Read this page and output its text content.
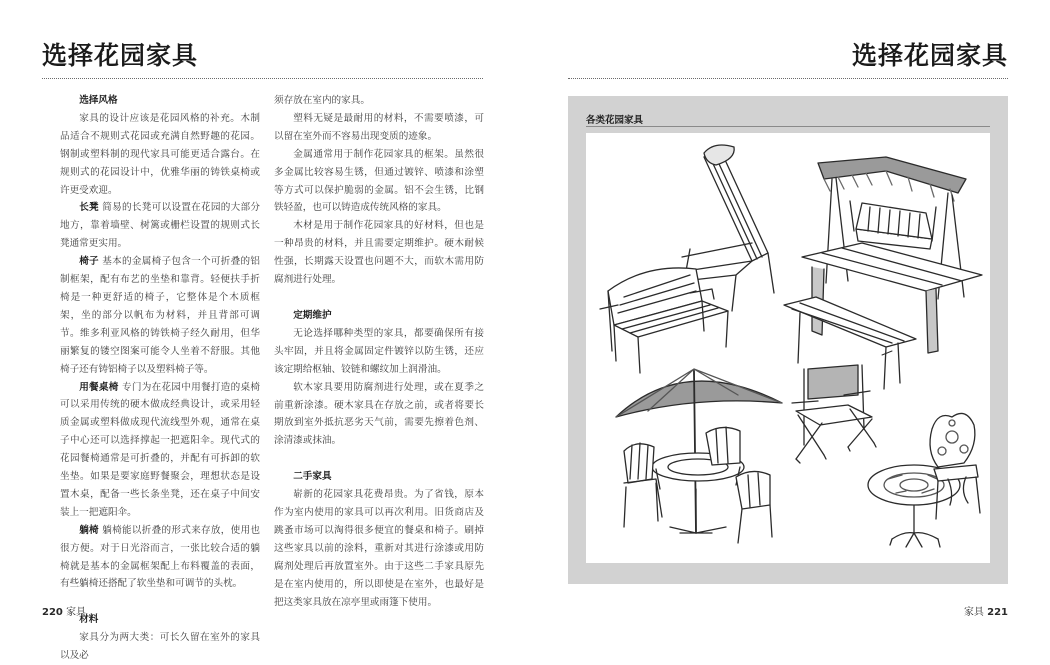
选择花园家具

选择风格

家具的设计应该是花园风格的补充。木制品适合不规则式花园或充满自然野趣的花园。钢制或塑料制的现代家具可能更适合露台。在规则式的花园设计中，优雅华丽的铸铁桌椅或许更受欢迎。

长凳 简易的长凳可以设置在花园的大部分地方，靠着墙壁、树篱或栅栏设置的规则式长凳通常更实用。

椅子 基本的金属椅子包含一个可折叠的铝制框架，配有布艺的坐垫和靠背。轻便扶手折椅是一种更舒适的椅子，它整体是个木质框架，坐的部分以帆布为材料，并且背部可调节。维多利亚风格的铸铁椅子经久耐用，但华丽繁复的镂空图案可能令人坐着不舒服。其他椅子还有铸铝椅子以及塑料椅子等。

用餐桌椅 专门为在花园中用餐打造的桌椅可以采用传统的硬木做成经典设计，或采用轻质金属或塑料做成现代流线型外观，通常在桌子中心还可以选择撑起一把遮阳伞。现代式的花园餐椅通常是可折叠的，并配有可拆卸的软坐垫。如果是要家庭野餐聚会，理想状态是设置木桌，配备一些长条坐凳，还在桌子中间安装上一把遮阳伞。

躺椅 躺椅能以折叠的形式来存放，使用也很方便。对于日光浴而言，一张比较合适的躺椅就是基本的金属框架配上布料覆盖的表面，有些躺椅还搭配了软坐垫和可调节的头枕。

材料

家具分为两大类：可长久留在室外的家具以及必

须存放在室内的家具。

塑料无疑是最耐用的材料，不需要喷漆，可以留在室外而不容易出现变质的迹象。

金属通常用于制作花园家具的框架。虽然很多金属比较容易生锈，但通过镀锌、喷漆和涂塑等方式可以保护脆弱的金属。铝不会生锈，比钢铁轻盈，也可以铸造成传统风格的家具。

木材是用于制作花园家具的好材料，但也是一种昂贵的材料，并且需要定期维护。硬木耐候性强，长期露天设置也问题不大，而软木需用防腐剂进行处理。

定期维护

无论选择哪种类型的家具，都要确保所有接头牢固，并且将金属固定件镀锌以防生锈，还应该定期给枢轴、铰链和螺纹加上润滑油。

软木家具要用防腐剂进行处理，或在夏季之前重新涂漆。硬木家具在存放之前，或者将要长期放到室外抵抗恶劣天气前，需要先擦着色剂、涂清漆或抹油。

二手家具

崭新的花园家具花费昂贵。为了省钱，原本作为室内使用的家具可以再次利用。旧货商店及跳蚤市场可以淘得很多便宜的餐桌和椅子。刷掉这些家具以前的涂料，重新对其进行涂漆或用防腐剂处理后再放置室外。由于这些二手家具原先是在室内使用的，所以即使是在室外，也最好是把这类家具放在凉亭里或雨篷下使用。

220 家具
选择花园家具
各类花园家具
家具 221
